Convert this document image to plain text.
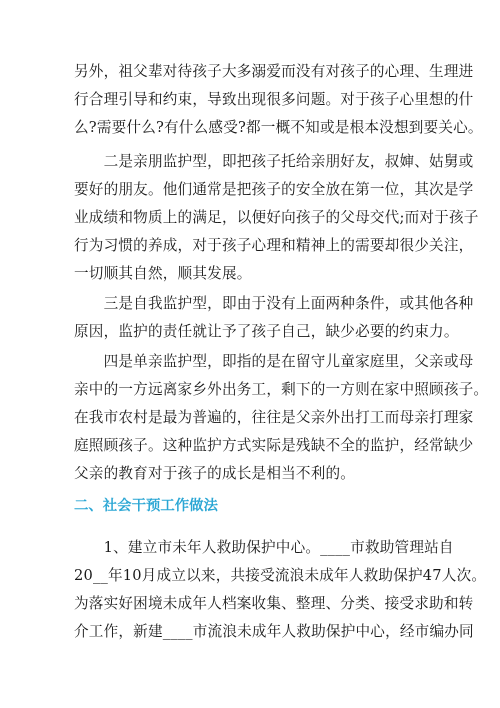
另外，祖父辈对待孩子大多溺爱而没有对孩子的心理、生理进
行合理引导和约束，导致出现很多问题。对于孩子心里想的什
么?需要什么?有什么感受?都一概不知或是根本没想到要关心。
　　二是亲朋监护型，即把孩子托给亲朋好友，叔婶、姑舅或
要好的朋友。他们通常是把孩子的安全放在第一位，其次是学
业成绩和物质上的满足，以便好向孩子的父母交代;而对于孩子
行为习惯的养成，对于孩子心理和精神上的需要却很少关注，
一切顺其自然，顺其发展。
　　三是自我监护型，即由于没有上面两种条件，或其他各种
原因，监护的责任就让予了孩子自己，缺少必要的约束力。
　　四是单亲监护型，即指的是在留守儿童家庭里，父亲或母
亲中的一方远离家乡外出务工，剩下的一方则在家中照顾孩子。
在我市农村是最为普遍的，往往是父亲外出打工而母亲打理家
庭照顾孩子。这种监护方式实际是残缺不全的监护，经常缺少
父亲的教育对于孩子的成长是相当不利的。
二、社会干预工作做法
　　1、建立市未年人救助保护中心。____市救助管理站自
20__年10月成立以来，共接受流浪未成年人救助保护47人次。
为落实好困境未成年人档案收集、整理、分类、接受求助和转
介工作，新建____市流浪未成年人救助保护中心，经市编办同
